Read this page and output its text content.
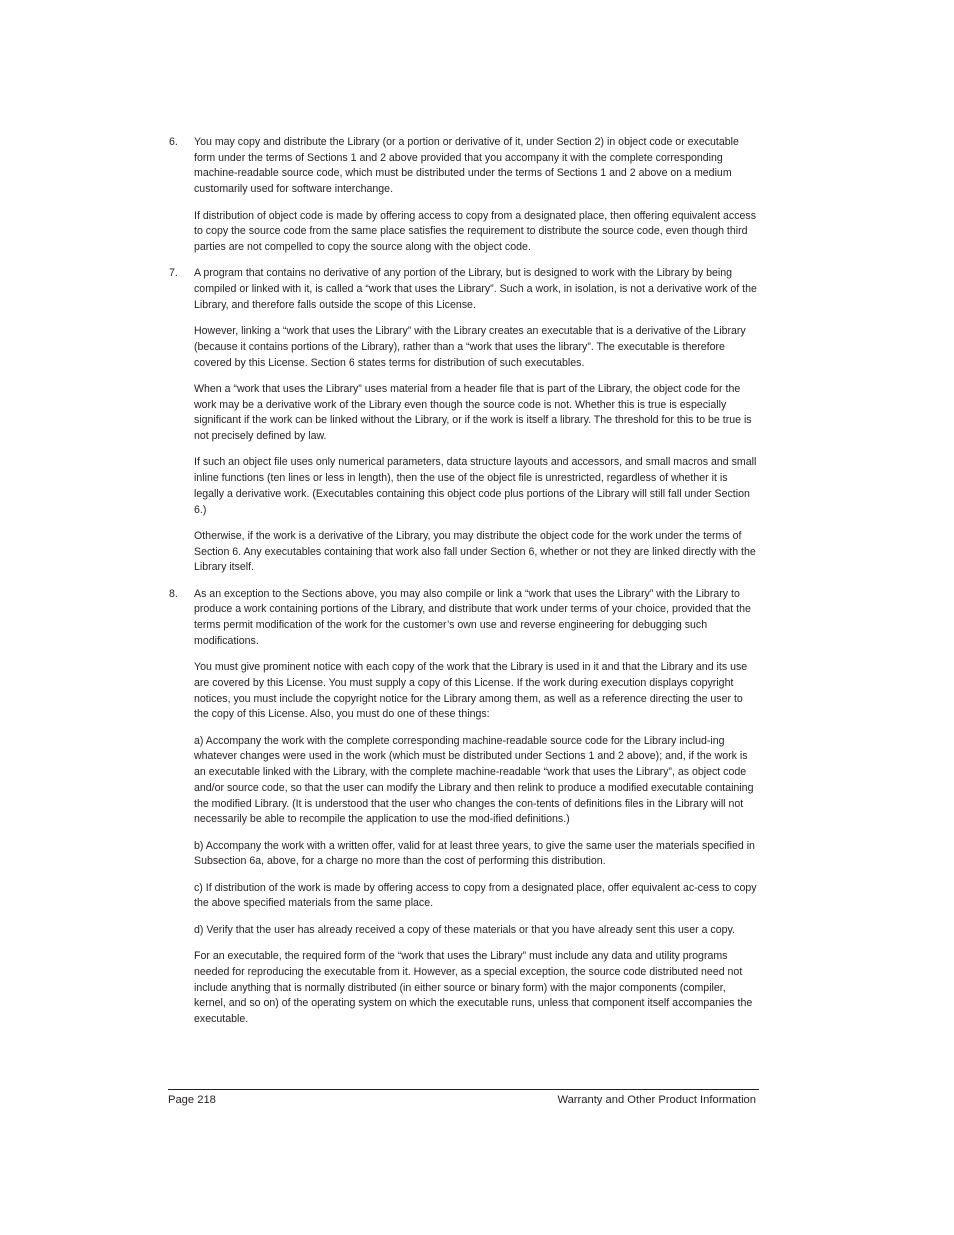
6. You may copy and distribute the Library (or a portion or derivative of it, under Section 2) in object code or executable form under the terms of Sections 1 and 2 above provided that you accompany it with the complete corresponding machine-readable source code, which must be distributed under the terms of Sections 1 and 2 above on a medium customarily used for software interchange.

If distribution of object code is made by offering access to copy from a designated place, then offering equivalent access to copy the source code from the same place satisfies the requirement to distribute the source code, even though third parties are not compelled to copy the source along with the object code.

7. A program that contains no derivative of any portion of the Library, but is designed to work with the Library by being compiled or linked with it, is called a “work that uses the Library”. Such a work, in isolation, is not a derivative work of the Library, and therefore falls outside the scope of this License.

However, linking a “work that uses the Library” with the Library creates an executable that is a derivative of the Library (because it contains portions of the Library), rather than a “work that uses the library”. The executable is therefore covered by this License. Section 6 states terms for distribution of such executables.

When a “work that uses the Library” uses material from a header file that is part of the Library, the object code for the work may be a derivative work of the Library even though the source code is not. Whether this is true is especially significant if the work can be linked without the Library, or if the work is itself a library. The threshold for this to be true is not precisely defined by law.

If such an object file uses only numerical parameters, data structure layouts and accessors, and small macros and small inline functions (ten lines or less in length), then the use of the object file is unrestricted, regardless of whether it is legally a derivative work. (Executables containing this object code plus portions of the Library will still fall under Section 6.)

Otherwise, if the work is a derivative of the Library, you may distribute the object code for the work under the terms of Section 6. Any executables containing that work also fall under Section 6, whether or not they are linked directly with the Library itself.

8. As an exception to the Sections above, you may also compile or link a “work that uses the Library” with the Library to produce a work containing portions of the Library, and distribute that work under terms of your choice, provided that the terms permit modification of the work for the customer’s own use and reverse engineering for debugging such modifications.

You must give prominent notice with each copy of the work that the Library is used in it and that the Library and its use are covered by this License. You must supply a copy of this License. If the work during execution displays copyright notices, you must include the copyright notice for the Library among them, as well as a reference directing the user to the copy of this License. Also, you must do one of these things:

a) Accompany the work with the complete corresponding machine-readable source code for the Library includ-ing whatever changes were used in the work (which must be distributed under Sections 1 and 2 above); and, if the work is an executable linked with the Library, with the complete machine-readable “work that uses the Library”, as object code and/or source code, so that the user can modify the Library and then relink to produce a modified executable containing the modified Library. (It is understood that the user who changes the con-tents of definitions files in the Library will not necessarily be able to recompile the application to use the mod-ified definitions.)

b) Accompany the work with a written offer, valid for at least three years, to give the same user the materials specified in Subsection 6a, above, for a charge no more than the cost of performing this distribution.

c) If distribution of the work is made by offering access to copy from a designated place, offer equivalent ac-cess to copy the above specified materials from the same place.

d) Verify that the user has already received a copy of these materials or that you have already sent this user a copy.

For an executable, the required form of the “work that uses the Library” must include any data and utility programs needed for reproducing the executable from it. However, as a special exception, the source code distributed need not include anything that is normally distributed (in either source or binary form) with the major components (compiler, kernel, and so on) of the operating system on which the executable runs, unless that component itself accompanies the executable.

Page 218	Warranty and Other Product Information
